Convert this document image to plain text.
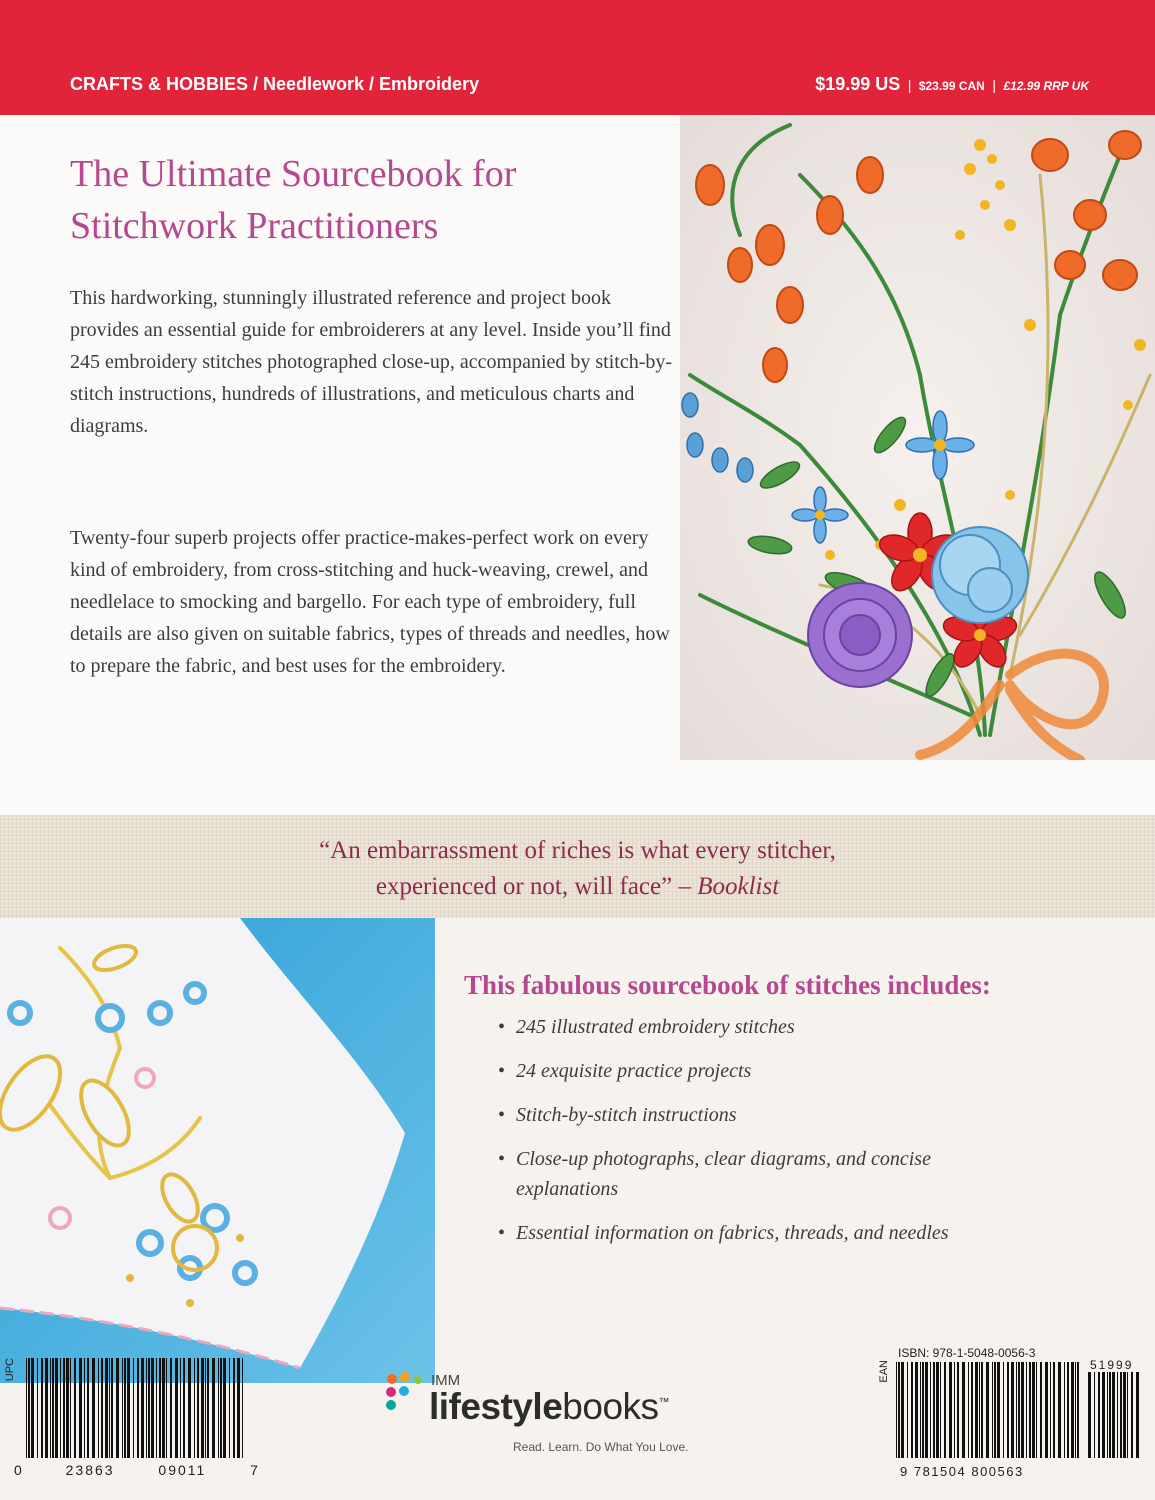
CRAFTS & HOBBIES / Needlework / Embroidery	$19.99 US | $23.99 CAN | £12.99 RRP UK
The Ultimate Sourcebook for Stitchwork Practitioners

This hardworking, stunningly illustrated reference and project book provides an essential guide for embroiderers at any level. Inside you’ll find 245 embroidery stitches photographed close-up, accompanied by stitch-by-stitch instructions, hundreds of illustrations, and meticulous charts and diagrams.

Twenty-four superb projects offer practice-makes-perfect work on every kind of embroidery, from cross-stitching and huck-weaving, crewel, and needlelace to smocking and bargello. For each type of embroidery, full details are also given on suitable fabrics, types of threads and needles, how to prepare the fabric, and best uses for the embroidery.

“An embarrassment of riches is what every stitcher,
experienced or not, will face” – Booklist
This fabulous sourcebook of stitches includes:
• 245 illustrated embroidery stitches
• 24 exquisite practice projects
• Stitch-by-stitch instructions
• Close-up photographs, clear diagrams, and concise explanations
• Essential information on fabrics, threads, and needles
UPC
0	23863	09011	7
IMM
lifestylebooks™
Read. Learn. Do What You Love.
EAN
ISBN: 978-1-5048-0056-3
9 781504 800563
51999
